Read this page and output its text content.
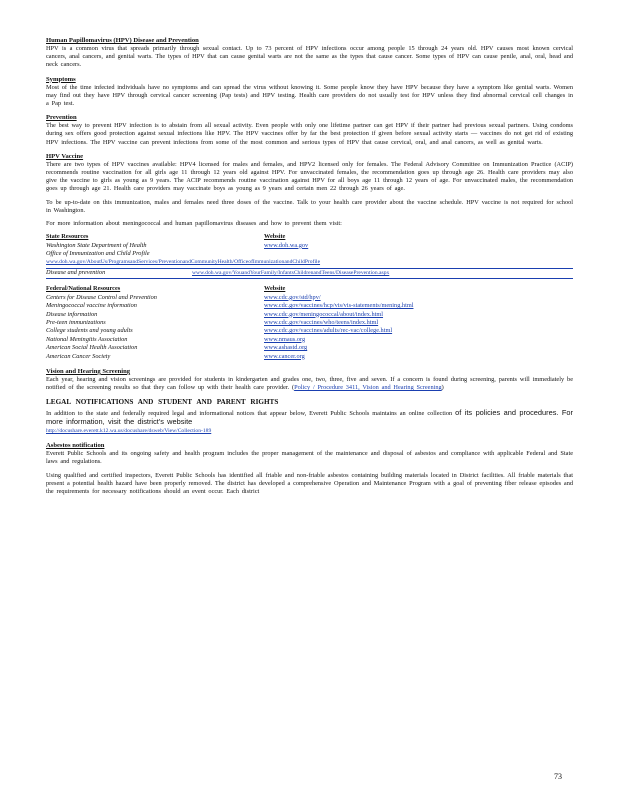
Human Papillomavirus (HPV) Disease and Prevention

HPV is a common virus that spreads primarily through sexual contact. Up to 73 percent of HPV infections occur among people 15 through 24 years old. HPV causes most known cervical cancers, anal cancers, and genital warts. The types of HPV that can cause genital warts are not the same as the types that cause cancer. Some types of HPV can cause penile, anal, oral, head and neck cancers.

Symptoms

Most of the time infected individuals have no symptoms and can spread the virus without knowing it. Some people know they have HPV because they have a symptom like genital warts. Women may find out they have HPV through cervical cancer screening (Pap tests) and HPV testing. Health care providers do not usually test for HPV unless they find abnormal cervical cell changes in a Pap test.

Prevention

The best way to prevent HPV infection is to abstain from all sexual activity. Even people with only one lifetime partner can get HPV if their partner had previous sexual partners. Using condoms during sex offers good protection against sexual infections like HPV. The HPV vaccines offer by far the best protection if given before sexual activity starts — vaccines do not get rid of existing HPV infections. The HPV vaccine can prevent infections from some of the most common and serious types of HPV that cause cervical, oral, and anal cancers, as well as genital warts.

HPV Vaccine

There are two types of HPV vaccines available: HPV4 licensed for males and females, and HPV2 licensed only for females. The Federal Advisory Committee on Immunization Practice (ACIP) recommends routine vaccination for all girls age 11 through 12 years old against HPV. For unvaccinated females, the recommendation goes up through age 26. Health care providers may also give the vaccine to girls as young as 9 years. The ACIP recommends routine vaccination against HPV for all boys age 11 through 12 years of age. For unvaccinated males, the recommendation goes up through age 21. Health care providers may vaccinate boys as young as 9 years and certain men 22 through 26 years of age.

To be up-to-date on this immunization, males and females need three doses of the vaccine. Talk to your health care provider about the vaccine schedule. HPV vaccine is not required for school in Washington.

For more information about meningococcal and human papillomavirus diseases and how to prevent them visit:

State Resources	Website
Washington State Department of Health	www.doh.wa.gov
Office of Immunization and Child Profile
www.doh.wa.gov/AboutUs/ProgramsandServices/PreventionandCommunityHealth/OfficeofImmunizationandChildProfile
Disease and prevention	www.doh.wa.gov/YouandYourFamily/InfantsChildrenandTeens/DiseasePrevention.aspx
Federal/National Resources	Website
Centers for Disease Control and Prevention	www.cdc.gov/std/hpv/
Meningococcal vaccine information	www.cdc.gov/vaccines/hcp/vis/vis-statements/mening.html
Disease information	www.cdc.gov/meningococcal/about/index.html
Pre-teen immunizations	www.cdc.gov/vaccines/who/teens/index.html
College students and young adults	www.cdc.gov/vaccines/adults/rec-vac/college.html
National Meningitis Association	www.nmaus.org
American Social Health Association	www.ashastd.org
American Cancer Society	www.cancer.org
Vision and Hearing Screening

Each year, hearing and vision screenings are provided for students in kindergarten and grades one, two, three, five and seven. If a concern is found during screening, parents will immediately be notified of the screening results so that they can follow up with their health care provider. (Policy / Procedure 3411, Vision and Hearing Screening)

LEGAL NOTIFICATIONS AND STUDENT AND PARENT RIGHTS

In addition to the state and federally required legal and informational notices that appear below, Everett Public Schools maintains an online collection of its policies and procedures. For more information, visit the district's website
http://docushare.everett.k12.wa.us/docushare/dsweb/View/Collection-189

Asbestos notification

Everett Public Schools and its ongoing safety and health program includes the proper management of the maintenance and disposal of asbestos and compliance with applicable Federal and State laws and regulations.

Using qualified and certified inspectors, Everett Public Schools has identified all friable and non-friable asbestos containing building materials located in District facilities. All friable materials that present a potential health hazard have been properly removed. The district has developed a comprehensive Operation and Maintenance Program with a goal of preventing fiber release episodes and the requirements for necessary notifications should an event occur. Each district

73
